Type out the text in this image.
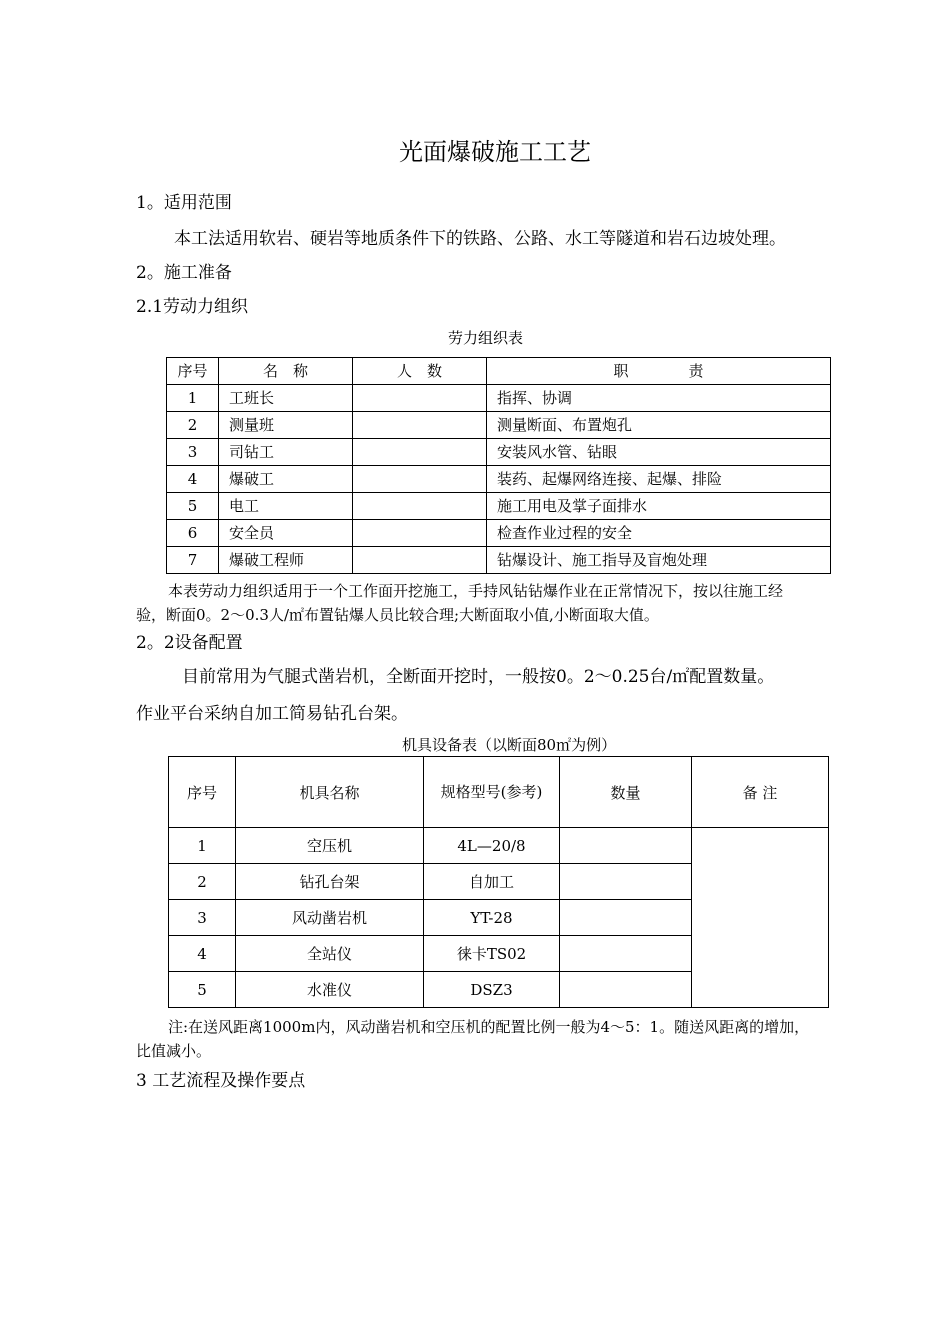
光面爆破施工工艺
1。适用范围
本工法适用软岩、硬岩等地质条件下的铁路、公路、水工等隧道和岩石边坡处理。
2。施工准备
2.1劳动力组织
劳力组织表
序号	名　称	人　数	职　　　　责
1	工班长		指挥、协调
2	测量班		测量断面、布置炮孔
3	司钻工		安装风水管、钻眼
4	爆破工		装药、起爆网络连接、起爆、排险
5	电工		施工用电及掌子面排水
6	安全员		检查作业过程的安全
7	爆破工程师		钻爆设计、施工指导及盲炮处理
本表劳动力组织适用于一个工作面开挖施工，手持风钻钻爆作业在正常情况下，按以往施工经
验，断面0。2～0.3人/㎡布置钻爆人员比较合理;大断面取小值,小断面取大值。
2。2设备配置
目前常用为气腿式凿岩机，全断面开挖时，一般按0。2～0.25台/㎡配置数量。
作业平台采纳自加工简易钻孔台架。
机具设备表（以断面80㎡为例）
序号	机具名称	规格型号(参考)	数量	备 注
1	空压机	4L—20/8		
2	钻孔台架	自加工		
3	风动凿岩机	YT-28		
4	全站仪	徕卡TS02		
5	水准仪	DSZ3		
注:在送风距离1000m内，风动凿岩机和空压机的配置比例一般为4～5：1。随送风距离的增加，
比值减小。
3 工艺流程及操作要点
